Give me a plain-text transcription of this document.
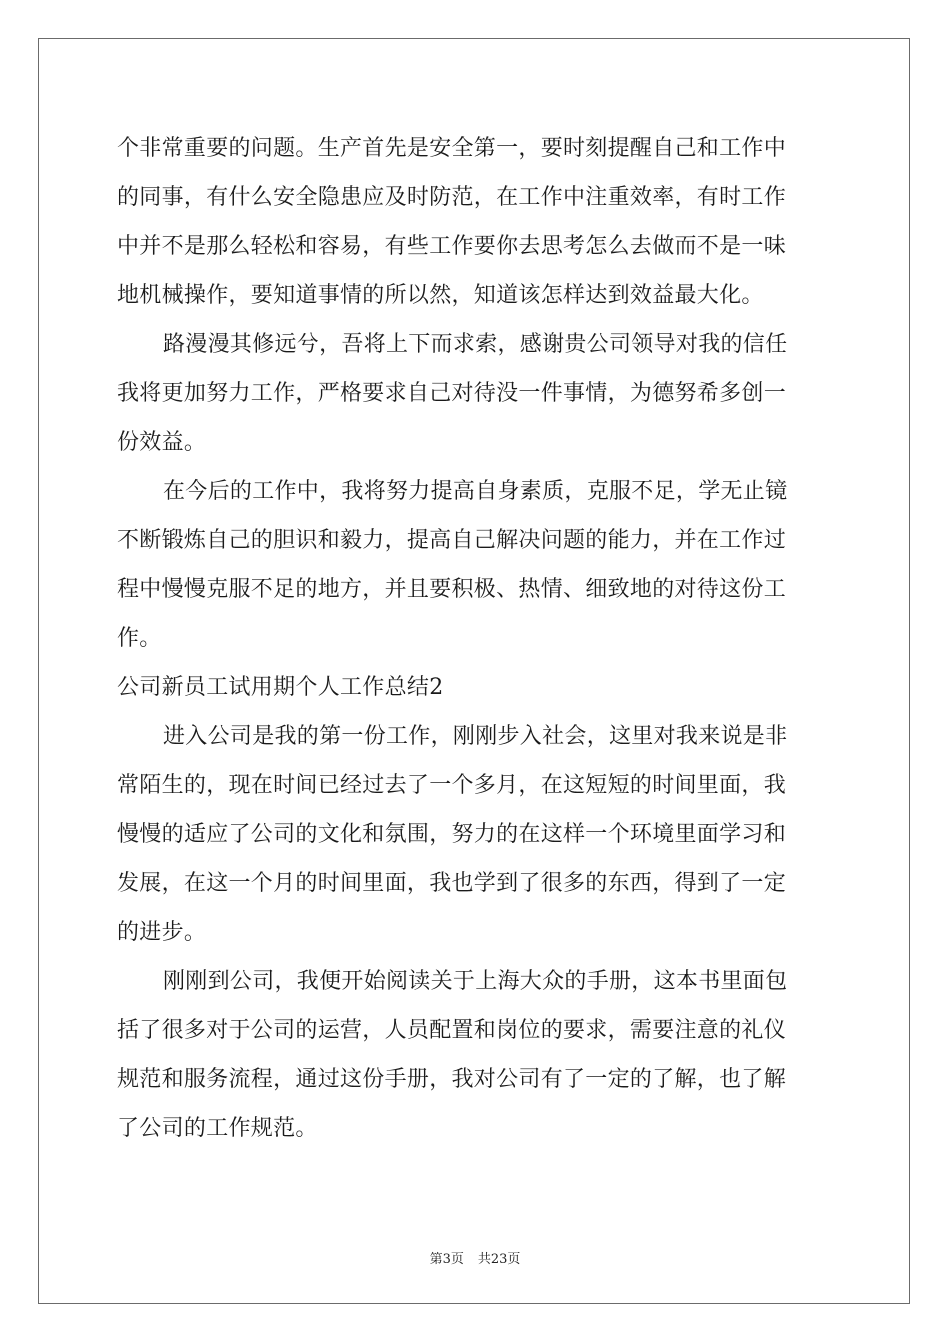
个非常重要的问题。生产首先是安全第一，要时刻提醒自己和工作中
的同事，有什么安全隐患应及时防范，在工作中注重效率，有时工作
中并不是那么轻松和容易，有些工作要你去思考怎么去做而不是一味
地机械操作，要知道事情的所以然，知道该怎样达到效益最大化。
路漫漫其修远兮，吾将上下而求索，感谢贵公司领导对我的信任
我将更加努力工作，严格要求自己对待没一件事情，为德努希多创一
份效益。
在今后的工作中，我将努力提高自身素质，克服不足，学无止镜
不断锻炼自己的胆识和毅力，提高自己解决问题的能力，并在工作过
程中慢慢克服不足的地方，并且要积极、热情、细致地的对待这份工
作。
公司新员工试用期个人工作总结2
进入公司是我的第一份工作，刚刚步入社会，这里对我来说是非
常陌生的，现在时间已经过去了一个多月，在这短短的时间里面，我
慢慢的适应了公司的文化和氛围，努力的在这样一个环境里面学习和
发展，在这一个月的时间里面，我也学到了很多的东西，得到了一定
的进步。
刚刚到公司，我便开始阅读关于上海大众的手册，这本书里面包
括了很多对于公司的运营，人员配置和岗位的要求，需要注意的礼仪
规范和服务流程，通过这份手册，我对公司有了一定的了解，也了解
了公司的工作规范。
第3页 共23页
